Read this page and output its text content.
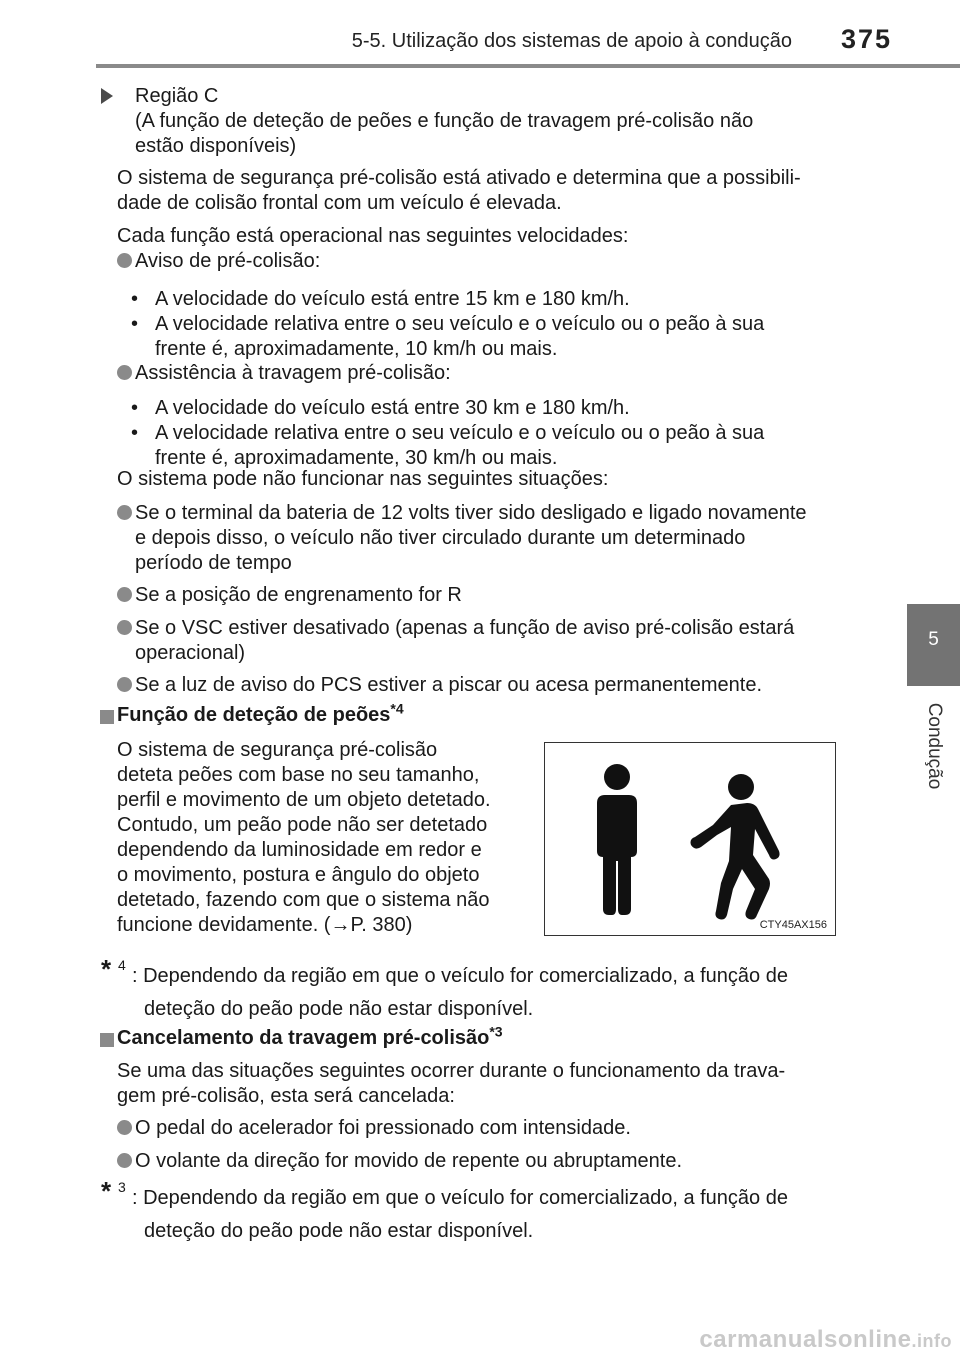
5-5. Utilização dos sistemas de apoio à condução 375
5
Condução
Região C
(A função de deteção de peões e função de travagem pré-colisão não
estão disponíveis)
O sistema de segurança pré-colisão está ativado e determina que a possibili-
dade de colisão frontal com um veículo é elevada.
Cada função está operacional nas seguintes velocidades:
Aviso de pré-colisão:
• A velocidade do veículo está entre 15 km e 180 km/h.
• A velocidade relativa entre o seu veículo e o veículo ou o peão à sua
frente é, aproximadamente, 10 km/h ou mais.
Assistência à travagem pré-colisão:
• A velocidade do veículo está entre 30 km e 180 km/h.
• A velocidade relativa entre o seu veículo e o veículo ou o peão à sua
frente é, aproximadamente, 30 km/h ou mais.
O sistema pode não funcionar nas seguintes situações:
Se o terminal da bateria de 12 volts tiver sido desligado e ligado novamente
e depois disso, o veículo não tiver circulado durante um determinado
período de tempo
Se a posição de engrenamento for R
Se o VSC estiver desativado (apenas a função de aviso pré-colisão estará
operacional)
Se a luz de aviso do PCS estiver a piscar ou acesa permanentemente.
Função de deteção de peões$^{*4}$
O sistema de segurança pré-colisão
deteta peões com base no seu tamanho,
perfil e movimento de um objeto detetado.
Contudo, um peão pode não ser detetado
dependendo da luminosidade em redor e
o movimento, postura e ângulo do objeto
detetado, fazendo com que o sistema não
funcione devidamente. (→P. 380)	CTY45AX156
* 4 : Dependendo da região em que o veículo for comercializado, a função de
deteção do peão pode não estar disponível.
Cancelamento da travagem pré-colisão$^{*3}$
Se uma das situações seguintes ocorrer durante o funcionamento da trava-
gem pré-colisão, esta será cancelada:
O pedal do acelerador foi pressionado com intensidade.
O volante da direção for movido de repente ou abruptamente.
* 3 : Dependendo da região em que o veículo for comercializado, a função de
deteção do peão pode não estar disponível.
carmanualsonline.info
